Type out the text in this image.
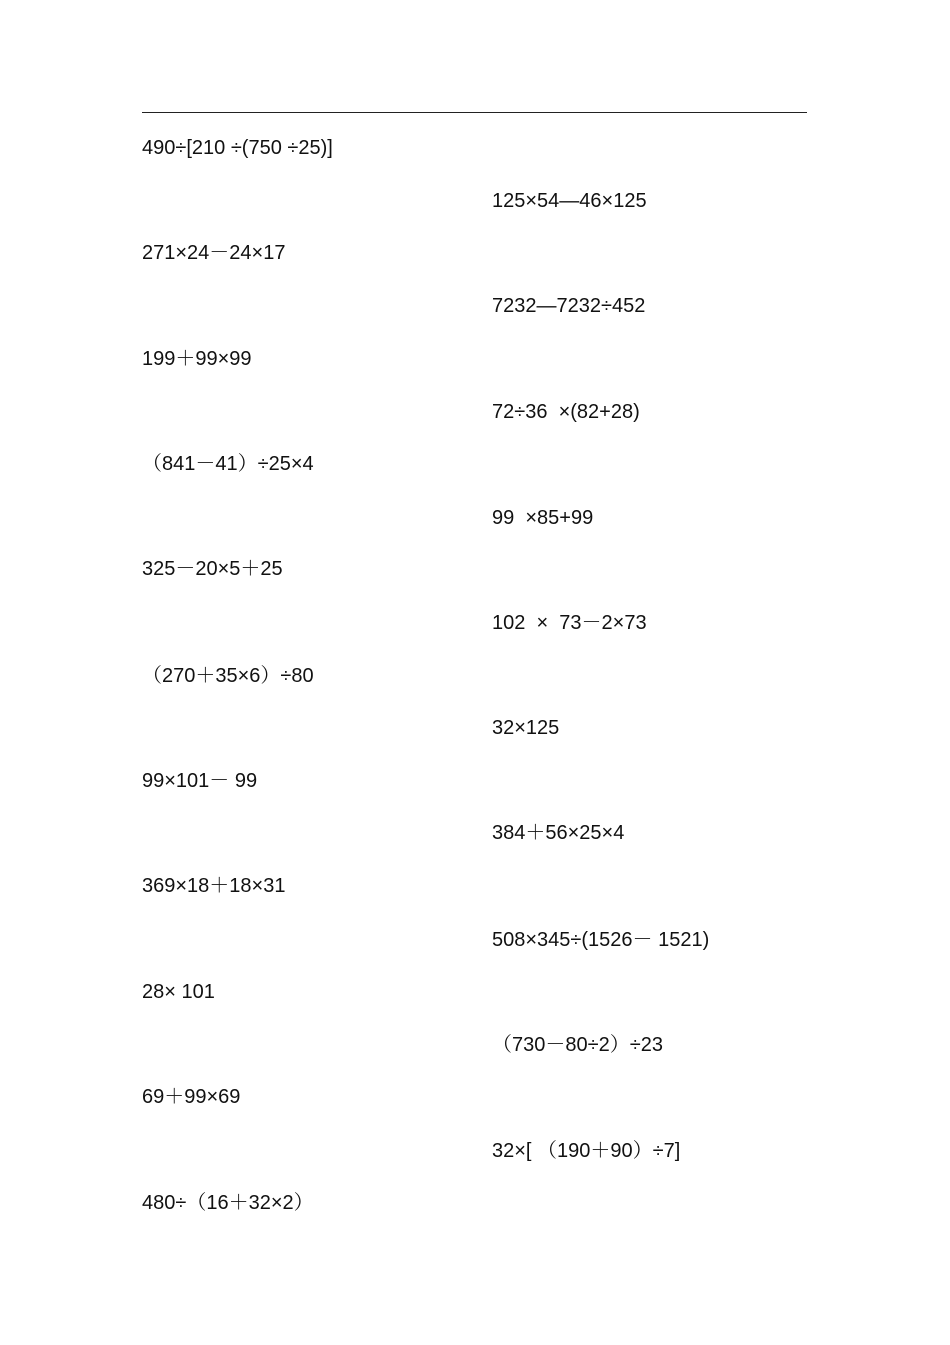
490÷[210 ÷(750 ÷25)]
125×54—46×125
271×24－24×17
7232—7232÷452
199＋99×99
72÷36  ×(82+28)
（841－41）÷25×4
99  ×85+99
325－20×5＋25
102  ×  73－2×73
（270＋35×6）÷80
32×125
99×101－ 99
384＋56×25×4
369×18＋18×31
508×345÷(1526－ 1521)
28× 101
（730－80÷2）÷23
69＋99×69
32×[ （190＋90）÷7]
480÷（16＋32×2）
